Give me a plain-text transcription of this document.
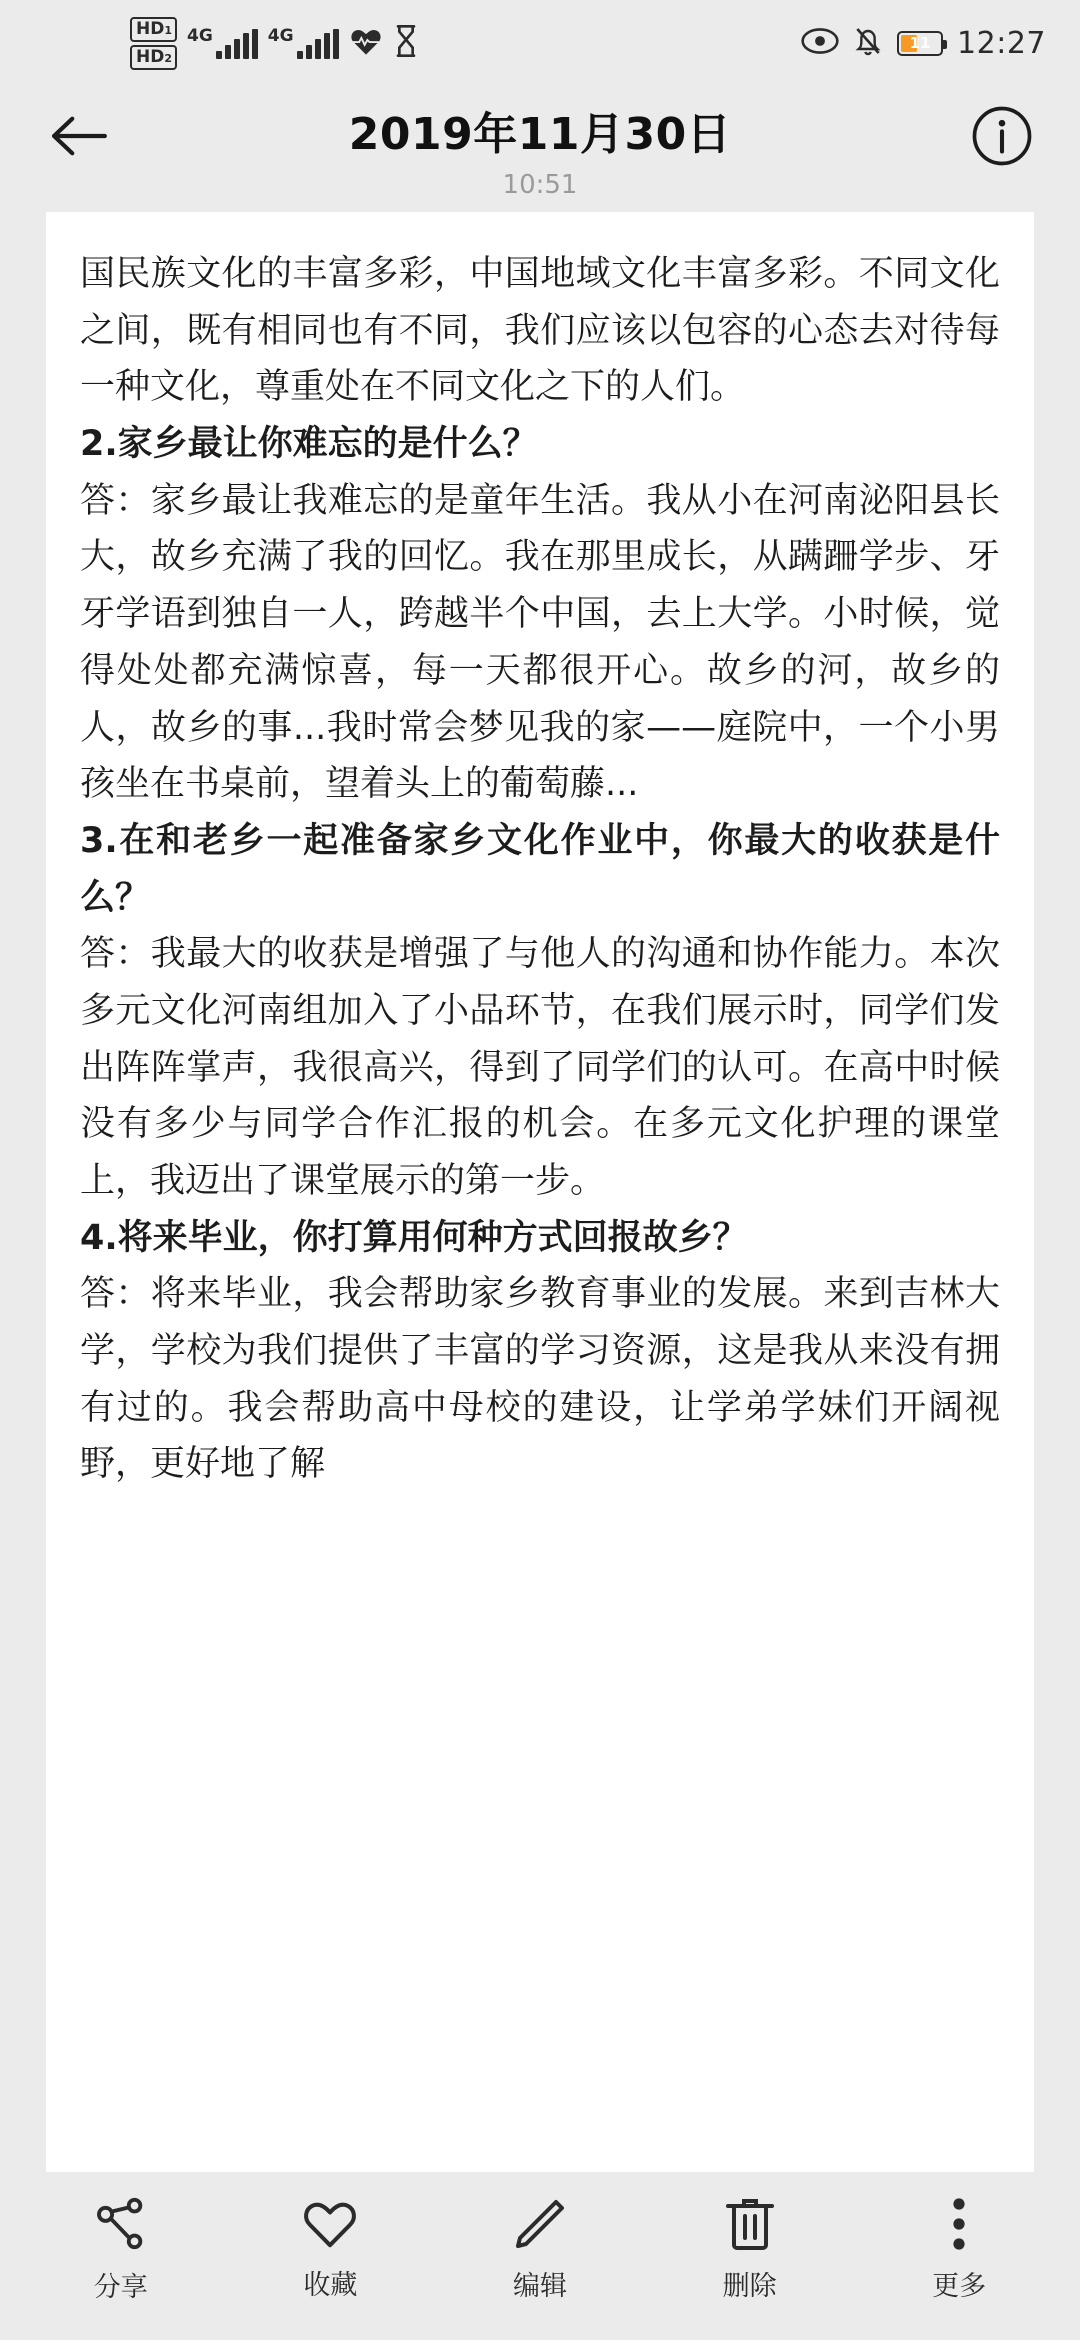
HD1
HD2
4G	4G	11 12:27
2019年11月30日
10:51

国民族文化的丰富多彩，中国地域文化丰富多彩。不同文化之间，既有相同也有不同，我们应该以包容的心态去对待每一种文化，尊重处在不同文化之下的人们。

2.家乡最让你难忘的是什么？

答：家乡最让我难忘的是童年生活。我从小在河南泌阳县长大，故乡充满了我的回忆。我在那里成长，从蹒跚学步、牙牙学语到独自一人，跨越半个中国，去上大学。小时候，觉得处处都充满惊喜，每一天都很开心。故乡的河，故乡的人，故乡的事...我时常会梦见我的家——庭院中，一个小男孩坐在书桌前，望着头上的葡萄藤...

3.在和老乡一起准备家乡文化作业中，你最大的收获是什么？

答：我最大的收获是增强了与他人的沟通和协作能力。本次多元文化河南组加入了小品环节，在我们展示时，同学们发出阵阵掌声，我很高兴，得到了同学们的认可。在高中时候没有多少与同学合作汇报的机会。在多元文化护理的课堂上，我迈出了课堂展示的第一步。

4.将来毕业，你打算用何种方式回报故乡？

答：将来毕业，我会帮助家乡教育事业的发展。来到吉林大学，学校为我们提供了丰富的学习资源，这是我从来没有拥有过的。我会帮助高中母校的建设，让学弟学妹们开阔视野，更好地了解

分享	收藏	编辑	删除	更多
